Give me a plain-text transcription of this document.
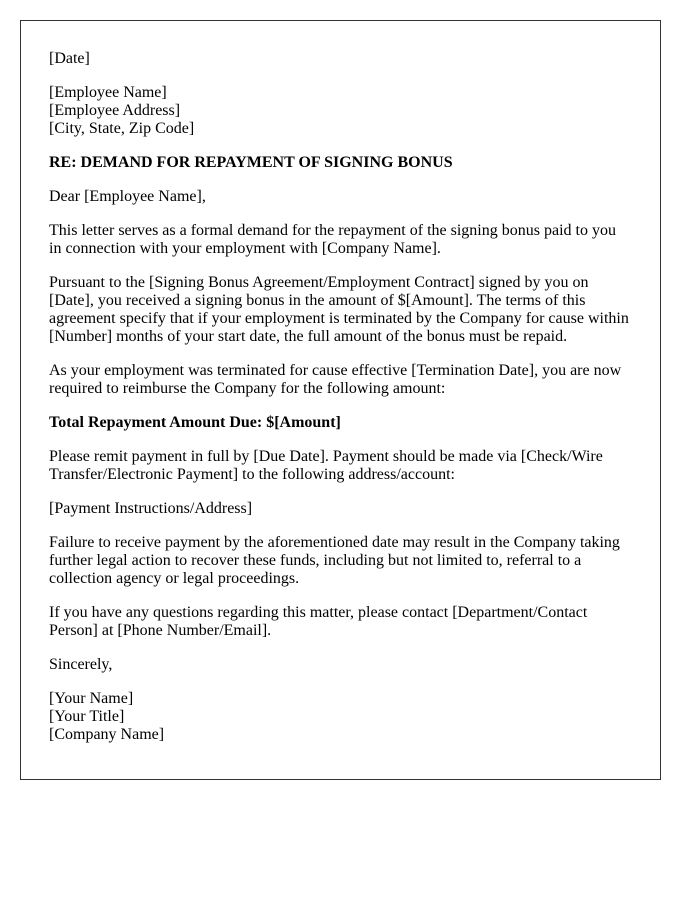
[Date]

[Employee Name]
[Employee Address]
[City, State, Zip Code]

RE: DEMAND FOR REPAYMENT OF SIGNING BONUS

Dear [Employee Name],

This letter serves as a formal demand for the repayment of the signing bonus paid to you in connection with your employment with [Company Name].

Pursuant to the [Signing Bonus Agreement/Employment Contract] signed by you on [Date], you received a signing bonus in the amount of $[Amount]. The terms of this agreement specify that if your employment is terminated by the Company for cause within [Number] months of your start date, the full amount of the bonus must be repaid.

As your employment was terminated for cause effective [Termination Date], you are now required to reimburse the Company for the following amount:

Total Repayment Amount Due: $[Amount]

Please remit payment in full by [Due Date]. Payment should be made via [Check/Wire Transfer/Electronic Payment] to the following address/account:

[Payment Instructions/Address]

Failure to receive payment by the aforementioned date may result in the Company taking further legal action to recover these funds, including but not limited to, referral to a collection agency or legal proceedings.

If you have any questions regarding this matter, please contact [Department/Contact Person] at [Phone Number/Email].

Sincerely,

[Your Name]
[Your Title]
[Company Name]
